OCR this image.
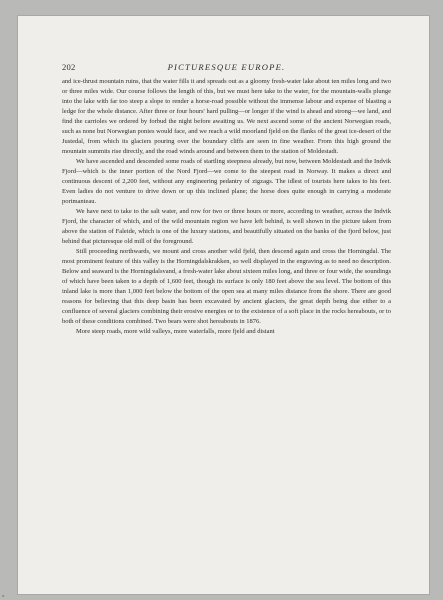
202	PICTURESQUE EUROPE.

and ice-thrust mountain ruins, that the water fills it and spreads out as a gloomy fresh-water lake about ten miles long and two or three miles wide. Our course follows the length of this, but we must here take to the water, for the mountain-walls plunge into the lake with far too steep a slope to render a horse-road possible without the immense labour and expense of blasting a ledge for the whole distance. After three or four hours' hard pulling—or longer if the wind is ahead and strong—we land, and find the carrioles we ordered by forbud the night before awaiting us. We next ascend some of the ancient Norwegian roads, such as none but Norwegian ponies would face, and we reach a wild moorland fjeld on the flanks of the great ice-desert of the Justedal, from which its glaciers pouring over the boundary cliffs are seen in fine weather. From this high ground the mountain summits rise directly, and the road winds around and between them to the station of Moldestadt.

We have ascended and descended some roads of startling steepness already, but now, between Moldestadt and the Indvik Fjord—which is the inner portion of the Nord Fjord—we come to the steepest road in Norway. It makes a direct and continuous descent of 2,200 feet, without any engineering pedantry of zigzags. The idlest of tourists here takes to his feet. Even ladies do not venture to drive down or up this inclined plane; the horse does quite enough in carrying a moderate portmanteau.

We have next to take to the salt water, and row for two or three hours or more, according to weather, across the Indvik Fjord, the character of which, and of the wild mountain region we have left behind, is well shown in the picture taken from above the station of Faleide, which is one of the luxury stations, and beautifully situated on the banks of the fjord below, just behind that picturesque old mill of the foreground.

Still proceeding northwards, we mount and cross another wild fjeld, then descend again and cross the Horningdal. The most prominent feature of this valley is the Horningdalskrakken, so well displayed in the engraving as to need no description. Below and seaward is the Horningdalsvand, a fresh-water lake about sixteen miles long, and three or four wide, the soundings of which have been taken to a depth of 1,600 feet, though its surface is only 180 feet above the sea level. The bottom of this inland lake is more than 1,000 feet below the bottom of the open sea at many miles distance from the shore. There are good reasons for believing that this deep basin has been excavated by ancient glaciers, the great depth being due either to a confluence of several glaciers combining their erosive energies or to the existence of a soft place in the rocks hereabouts, or to both of these conditions combined. Two bears were shot hereabouts in 1876.

More steep roads, more wild valleys, more waterfalls, more fjeld and distant

a
